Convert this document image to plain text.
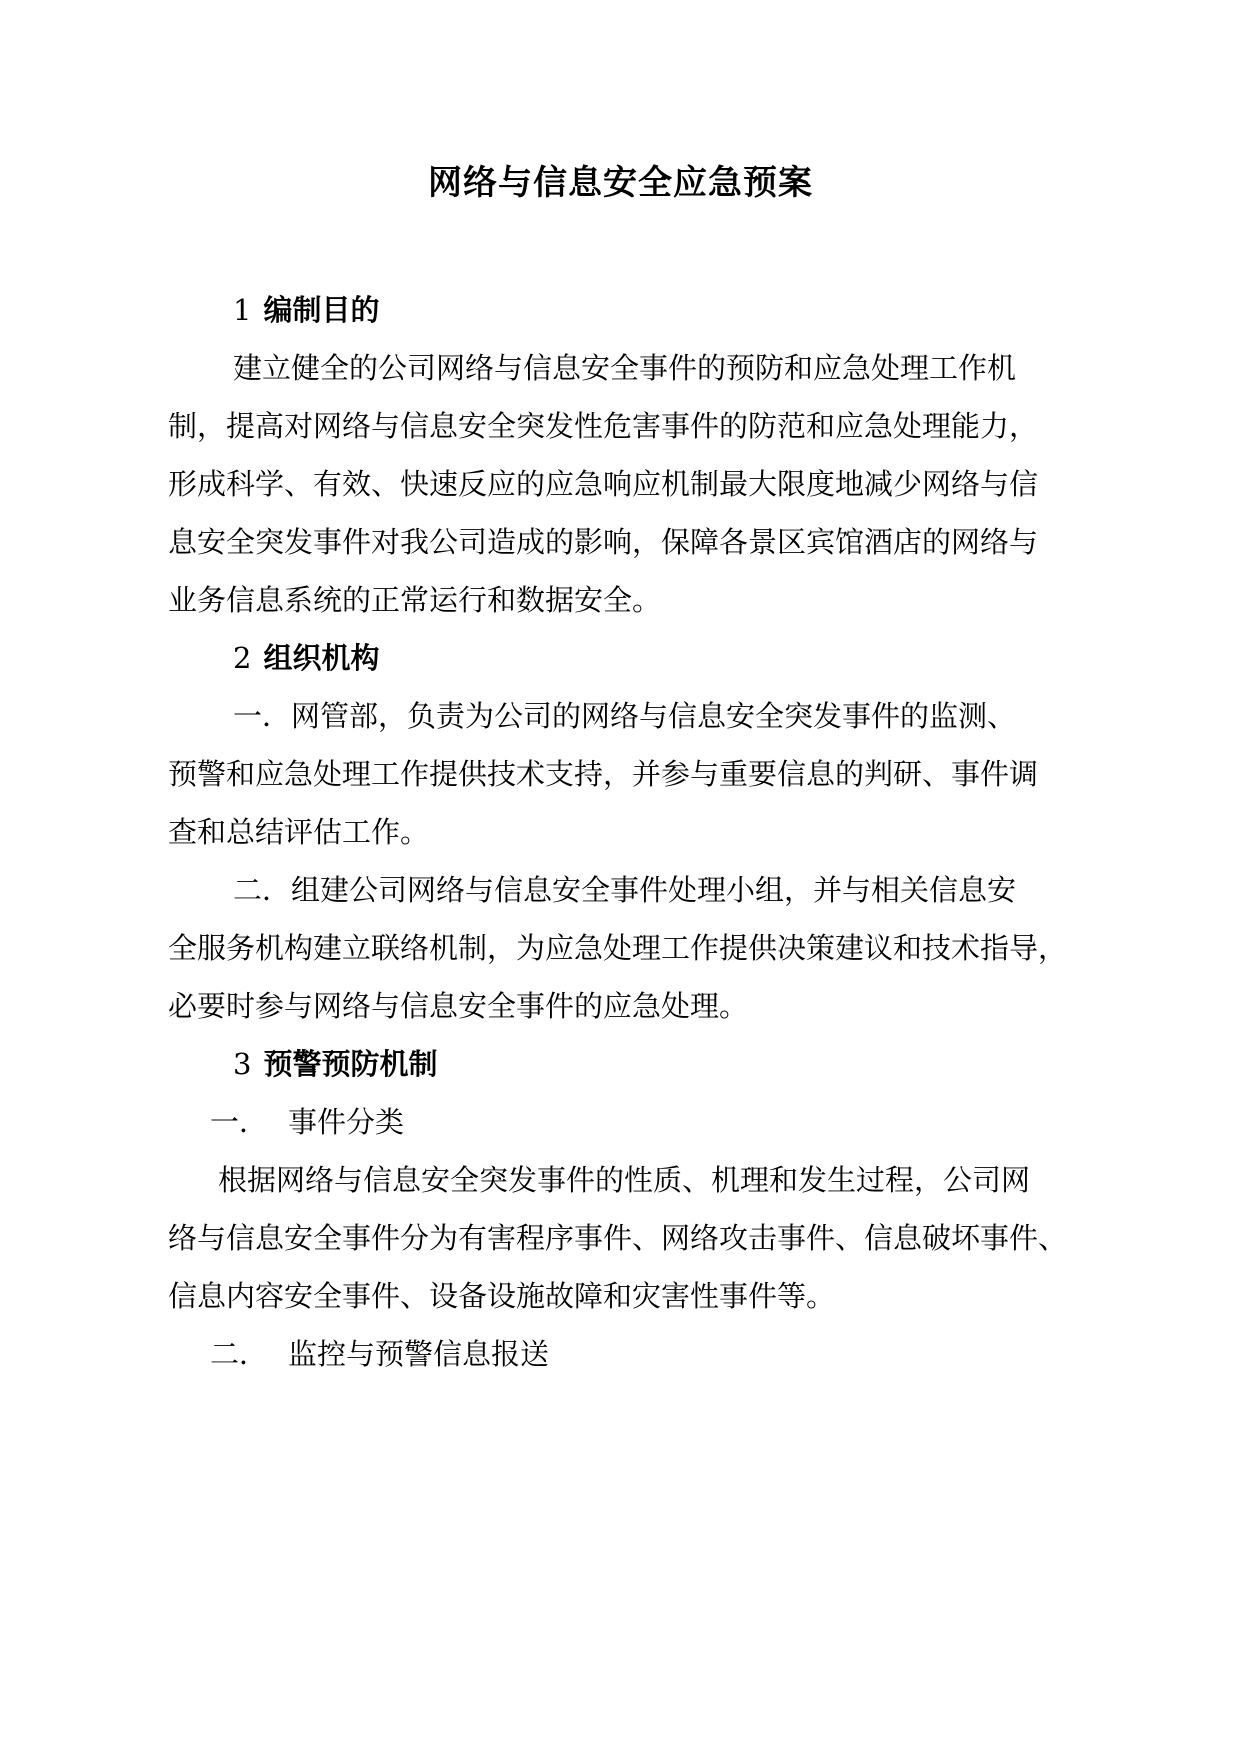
网络与信息安全应急预案
1 编制目的
建立健全的公司网络与信息安全事件的预防和应急处理工作机
制，提高对网络与信息安全突发性危害事件的防范和应急处理能力，
形成科学、有效、快速反应的应急响应机制最大限度地减少网络与信
息安全突发事件对我公司造成的影响，保障各景区宾馆酒店的网络与
业务信息系统的正常运行和数据安全。
2 组织机构
一．网管部，负责为公司的网络与信息安全突发事件的监测、
预警和应急处理工作提供技术支持，并参与重要信息的判研、事件调
查和总结评估工作。
二．组建公司网络与信息安全事件处理小组，并与相关信息安
全服务机构建立联络机制，为应急处理工作提供决策建议和技术指导，
必要时参与网络与信息安全事件的应急处理。
3 预警预防机制
一． 事件分类
根据网络与信息安全突发事件的性质、机理和发生过程，公司网
络与信息安全事件分为有害程序事件、网络攻击事件、信息破坏事件、
信息内容安全事件、设备设施故障和灾害性事件等。
二． 监控与预警信息报送
